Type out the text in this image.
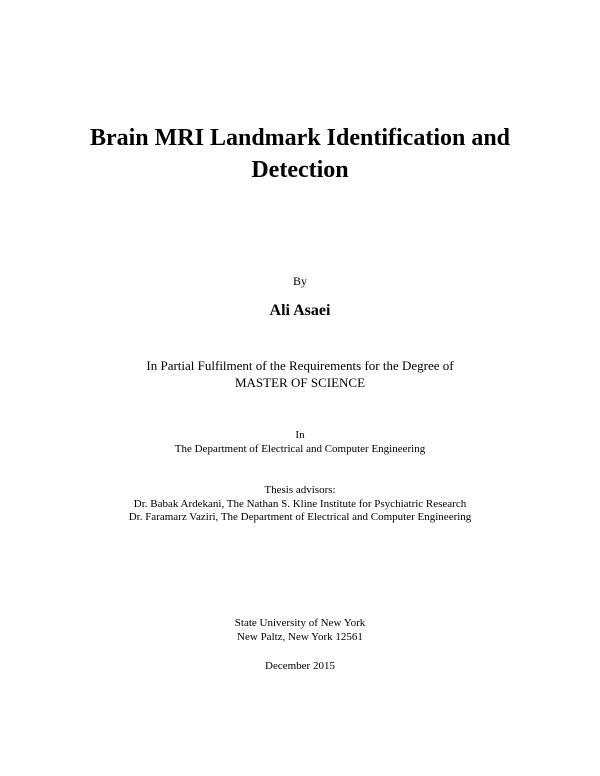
Brain MRI Landmark Identification and
Detection

By

Ali Asaei

In Partial Fulfilment of the Requirements for the Degree of
MASTER OF SCIENCE

In
The Department of Electrical and Computer Engineering

Thesis advisors:
Dr. Babak Ardekani, The Nathan S. Kline Institute for Psychiatric Research
Dr. Faramarz Vaziri, The Department of Electrical and Computer Engineering

State University of New York
New Paltz, New York 12561

December 2015
